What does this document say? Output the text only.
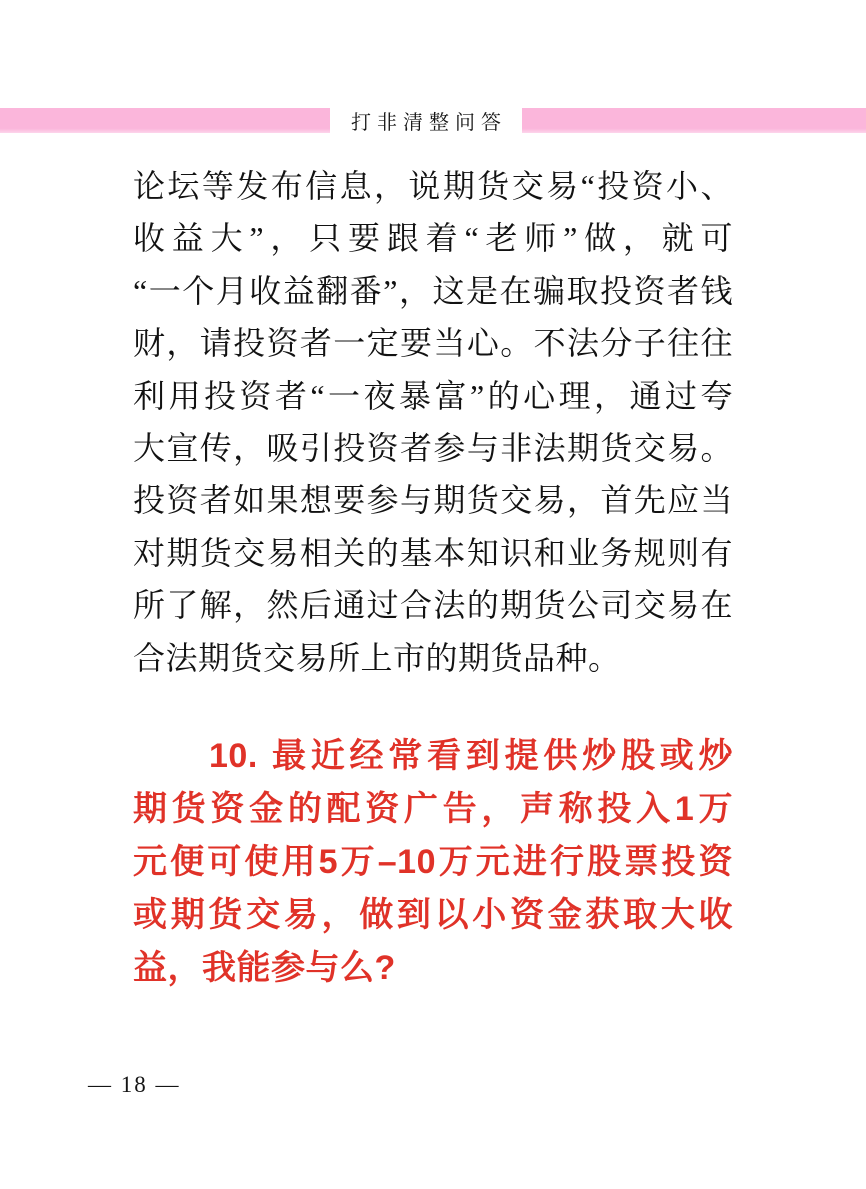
打非清整问答
论坛等发布信息，说期货交易“投资小、
收益大”，只要跟着“老师”做，就可
“一个月收益翻番”，这是在骗取投资者钱
财，请投资者一定要当心。不法分子往往
利用投资者“一夜暴富”的心理，通过夸
大宣传，吸引投资者参与非法期货交易。
投资者如果想要参与期货交易，首先应当
对期货交易相关的基本知识和业务规则有
所了解，然后通过合法的期货公司交易在
合法期货交易所上市的期货品种。
10. 最近经常看到提供炒股或炒
期货资金的配资广告，声称投入1万
元便可使用5万–10万元进行股票投资
或期货交易，做到以小资金获取大收
益，我能参与么?
— 18 —
